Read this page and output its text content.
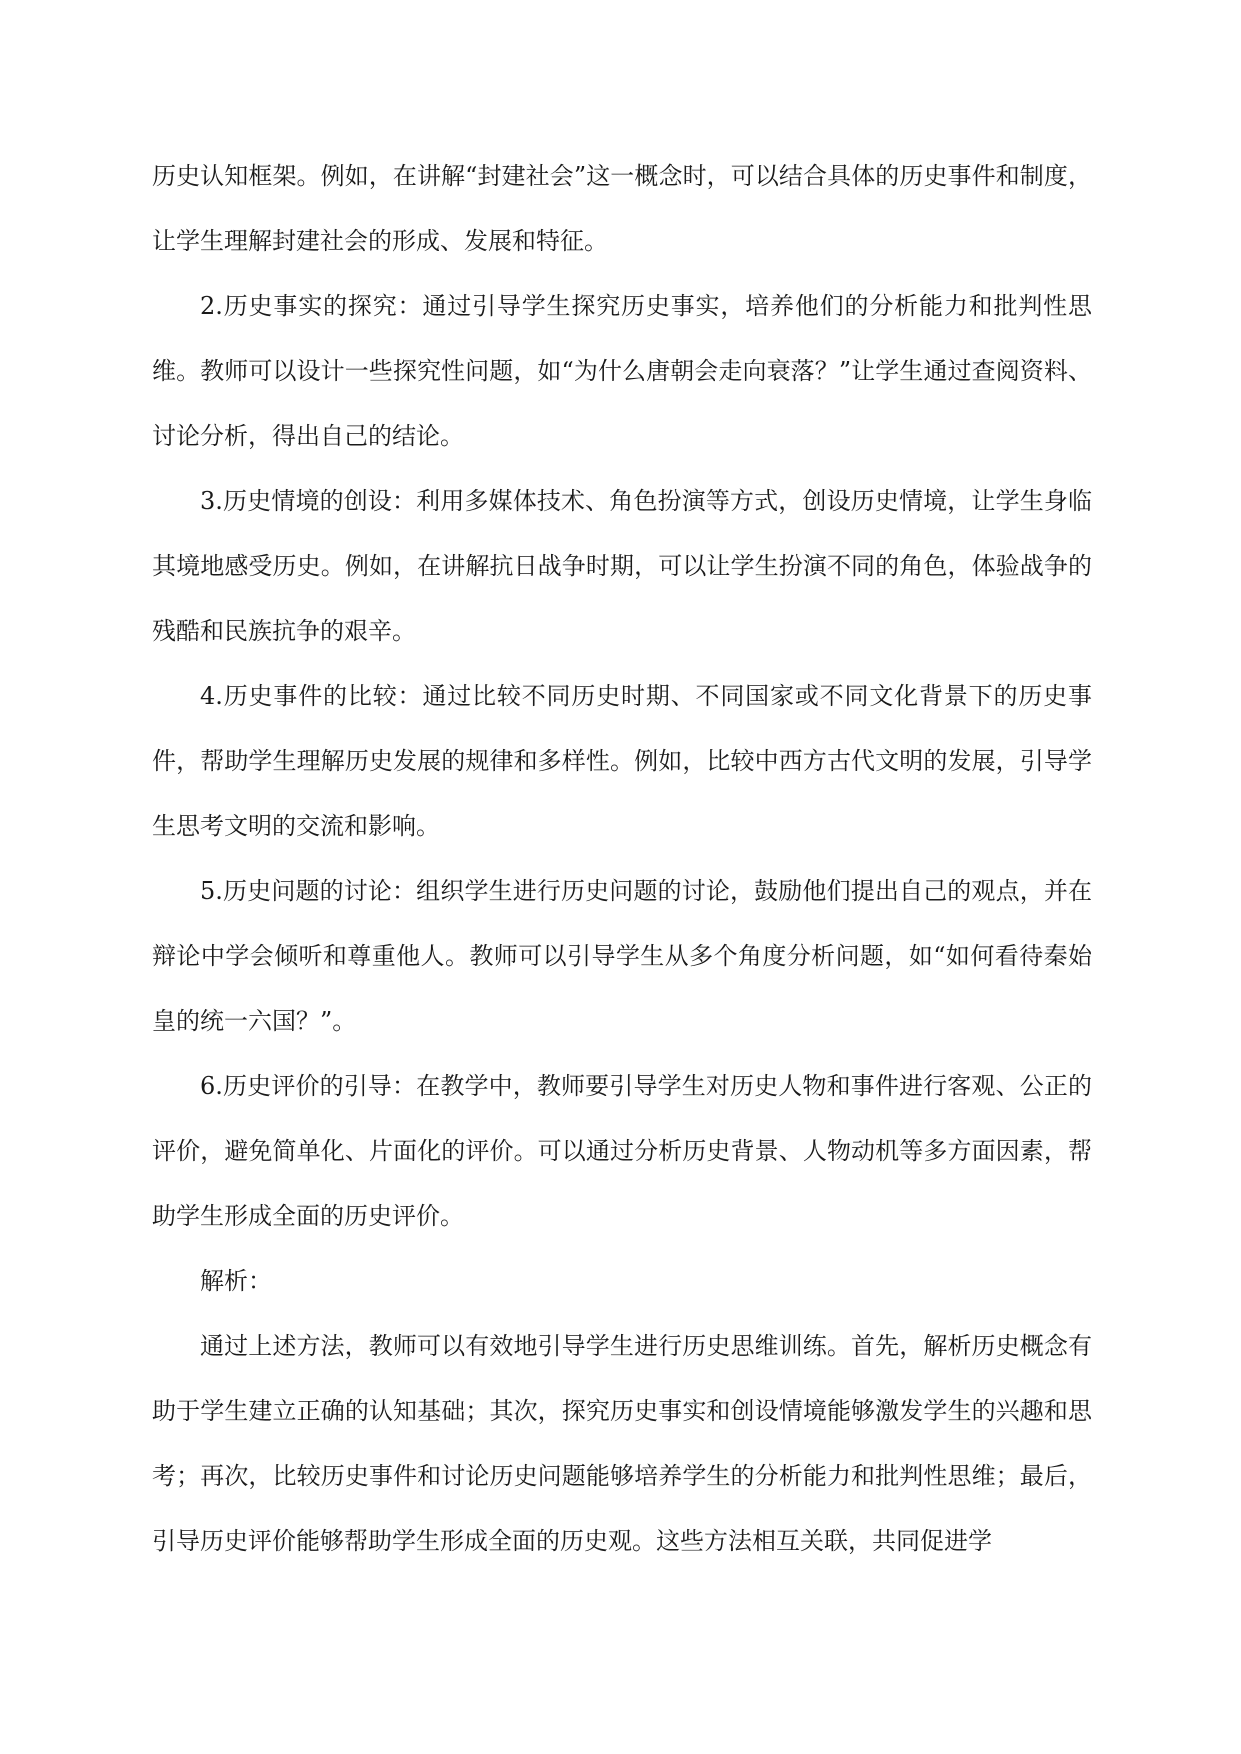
历史认知框架。例如，在讲解“封建社会”这一概念时，可以结合具体的历史事件和制度，让学生理解封建社会的形成、发展和特征。

2.历史事实的探究：通过引导学生探究历史事实，培养他们的分析能力和批判性思维。教师可以设计一些探究性问题，如“为什么唐朝会走向衰落？”让学生通过查阅资料、讨论分析，得出自己的结论。

3.历史情境的创设：利用多媒体技术、角色扮演等方式，创设历史情境，让学生身临其境地感受历史。例如，在讲解抗日战争时期，可以让学生扮演不同的角色，体验战争的残酷和民族抗争的艰辛。

4.历史事件的比较：通过比较不同历史时期、不同国家或不同文化背景下的历史事件，帮助学生理解历史发展的规律和多样性。例如，比较中西方古代文明的发展，引导学生思考文明的交流和影响。

5.历史问题的讨论：组织学生进行历史问题的讨论，鼓励他们提出自己的观点，并在辩论中学会倾听和尊重他人。教师可以引导学生从多个角度分析问题，如“如何看待秦始皇的统一六国？”。

6.历史评价的引导：在教学中，教师要引导学生对历史人物和事件进行客观、公正的评价，避免简单化、片面化的评价。可以通过分析历史背景、人物动机等多方面因素，帮助学生形成全面的历史评价。

解析：

通过上述方法，教师可以有效地引导学生进行历史思维训练。首先，解析历史概念有助于学生建立正确的认知基础；其次，探究历史事实和创设情境能够激发学生的兴趣和思考；再次，比较历史事件和讨论历史问题能够培养学生的分析能力和批判性思维；最后，引导历史评价能够帮助学生形成全面的历史观。这些方法相互关联，共同促进学
